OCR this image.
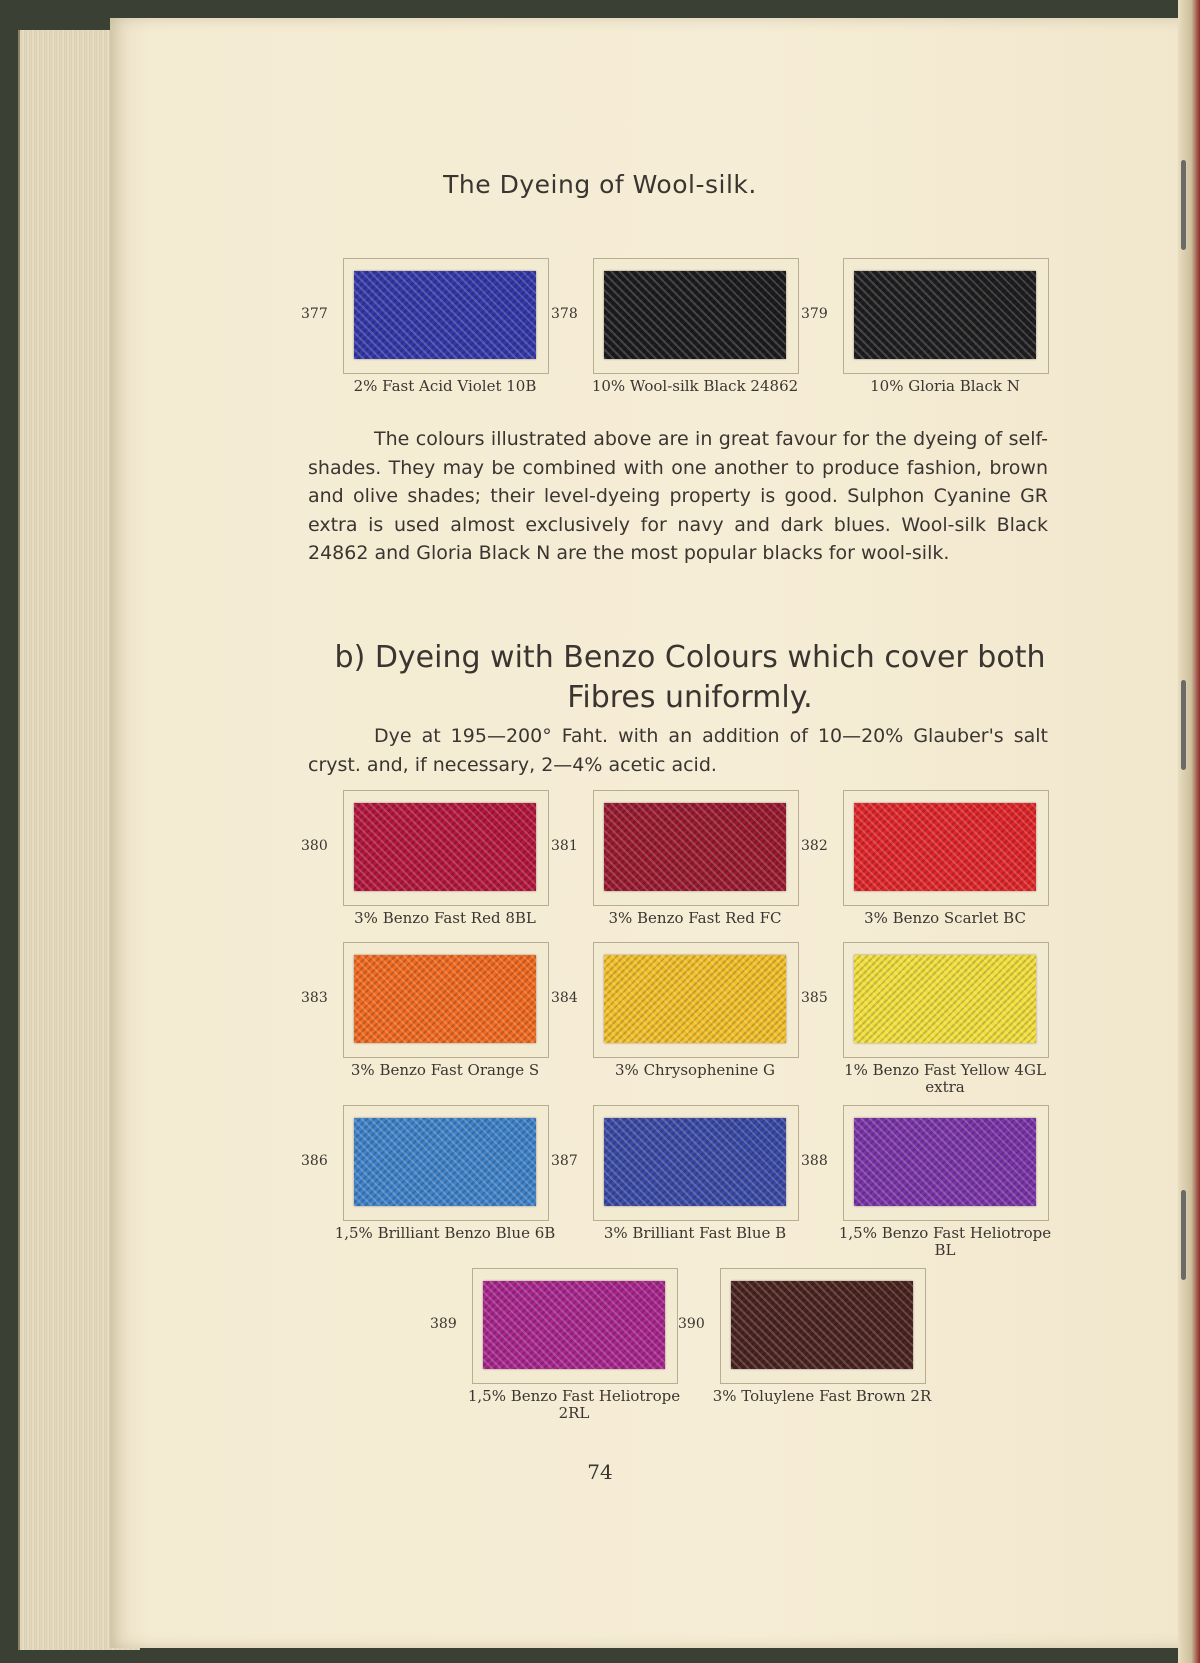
The Dyeing of Wool-silk.
377
2% Fast Acid Violet 10B
378
10% Wool-silk Black 24862
379
10% Gloria Black N
380
3% Benzo Fast Red 8BL
381
3% Benzo Fast Red FC
382
3% Benzo Scarlet BC
383
3% Benzo Fast Orange S
384
3% Chrysophenine G
385
1% Benzo Fast Yellow 4GL extra
386
1,5% Brilliant Benzo Blue 6B
387
3% Brilliant Fast Blue B
388
1,5% Benzo Fast Heliotrope BL
389
1,5% Benzo Fast Heliotrope 2RL
390
3% Toluylene Fast Brown 2R

The colours illustrated above are in great favour for the dyeing of self-shades. They may be combined with one another to produce fashion, brown and olive shades; their level-dyeing property is good. Sulphon Cyanine GR extra is used almost exclusively for navy and dark blues. Wool-silk Black 24862 and Gloria Black N are the most popular blacks for wool-silk.

b) Dyeing with Benzo Colours which cover both Fibres uniformly.

Dye at 195—200° Faht. with an addition of 10—20% Glauber's salt cryst. and, if necessary, 2—4% acetic acid.

74
